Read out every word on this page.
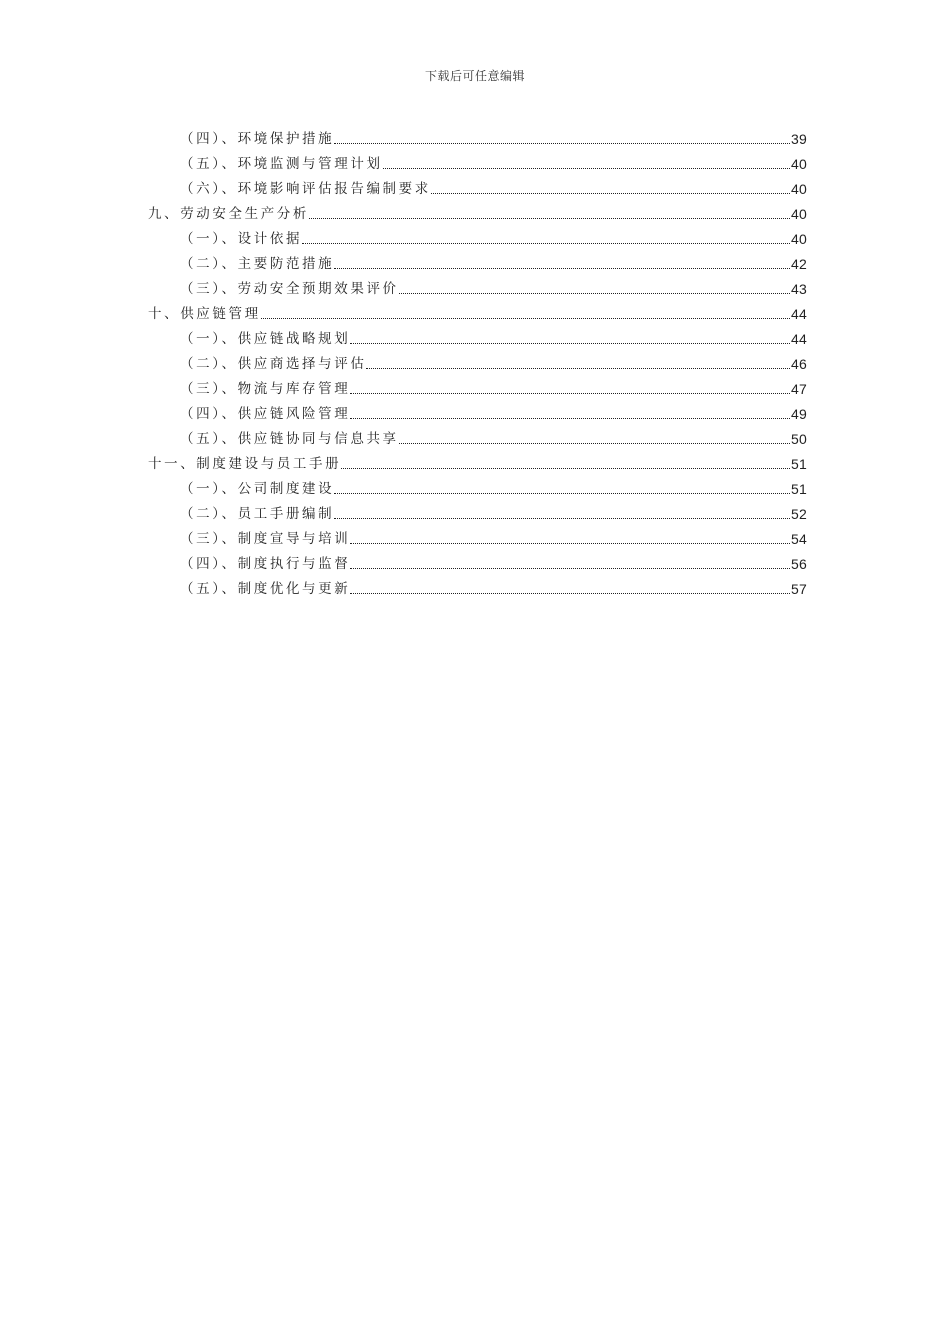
下载后可任意编辑
（四）、环境保护措施	39
（五）、环境监测与管理计划	40
（六）、环境影响评估报告编制要求	40
九、劳动安全生产分析	40
（一）、设计依据	40
（二）、主要防范措施	42
（三）、劳动安全预期效果评价	43
十、供应链管理	44
（一）、供应链战略规划	44
（二）、供应商选择与评估	46
（三）、物流与库存管理	47
（四）、供应链风险管理	49
（五）、供应链协同与信息共享	50
十一、制度建设与员工手册	51
（一）、公司制度建设	51
（二）、员工手册编制	52
（三）、制度宣导与培训	54
（四）、制度执行与监督	56
（五）、制度优化与更新	57
